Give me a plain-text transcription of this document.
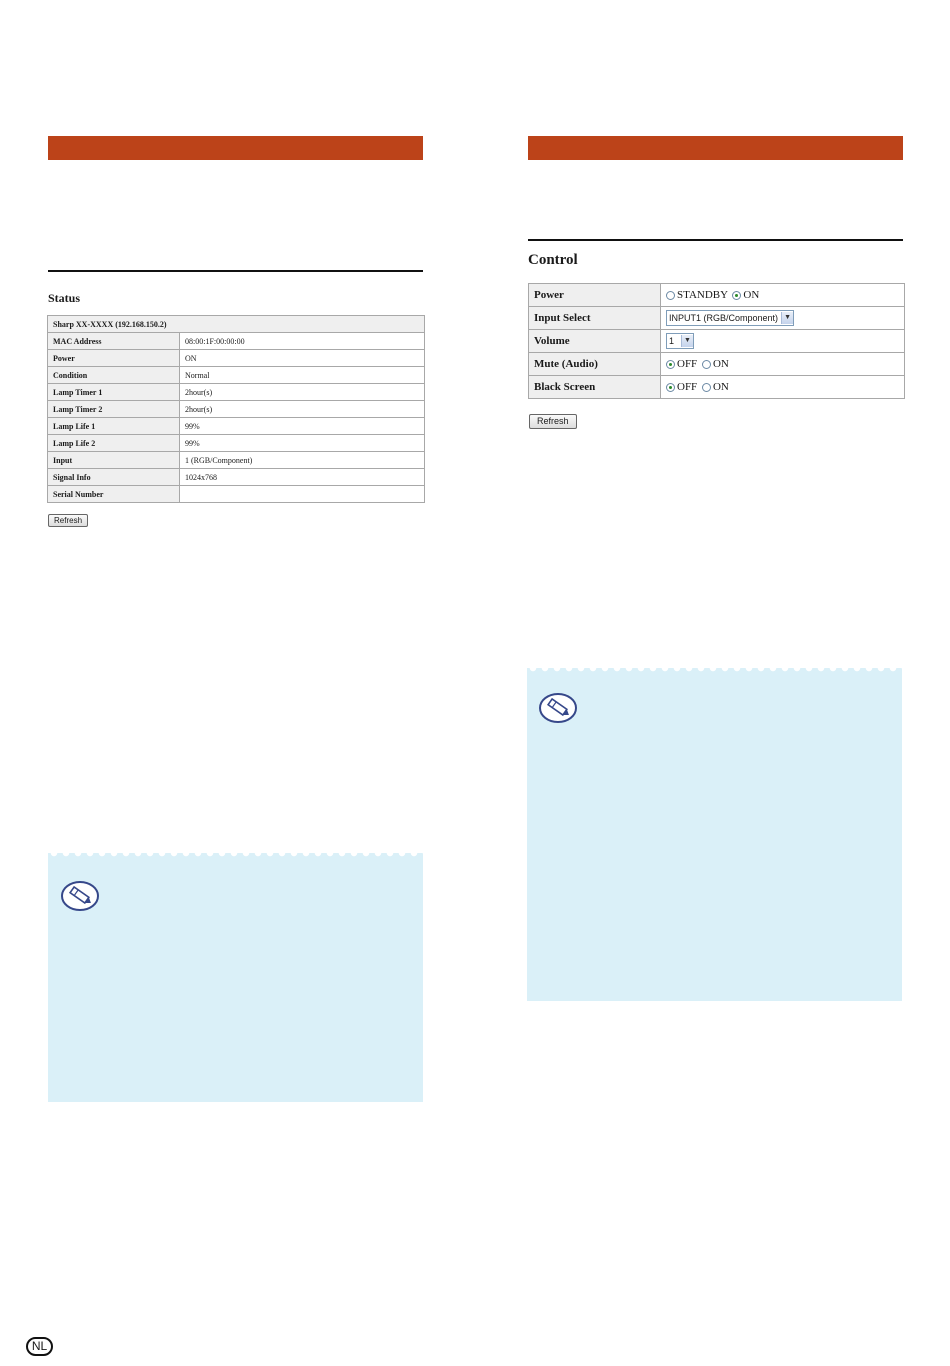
Status
Sharp XX-XXXX (192.168.150.2)	
MAC Address	08:00:1F:00:00:00
Power	ON
Condition	Normal
Lamp Timer 1	2hour(s)
Lamp Timer 2	2hour(s)
Lamp Life 1	99%
Lamp Life 2	99%
Input	1 (RGB/Component)
Signal Info	1024x768
Serial Number	
Refresh
Control
Power	STANDBY ON
Input Select	INPUT1 (RGB/Component) ▼

Volume	1 ▼

Mute (Audio)	OFF ON
Black Screen	OFF ON
Refresh
NL
